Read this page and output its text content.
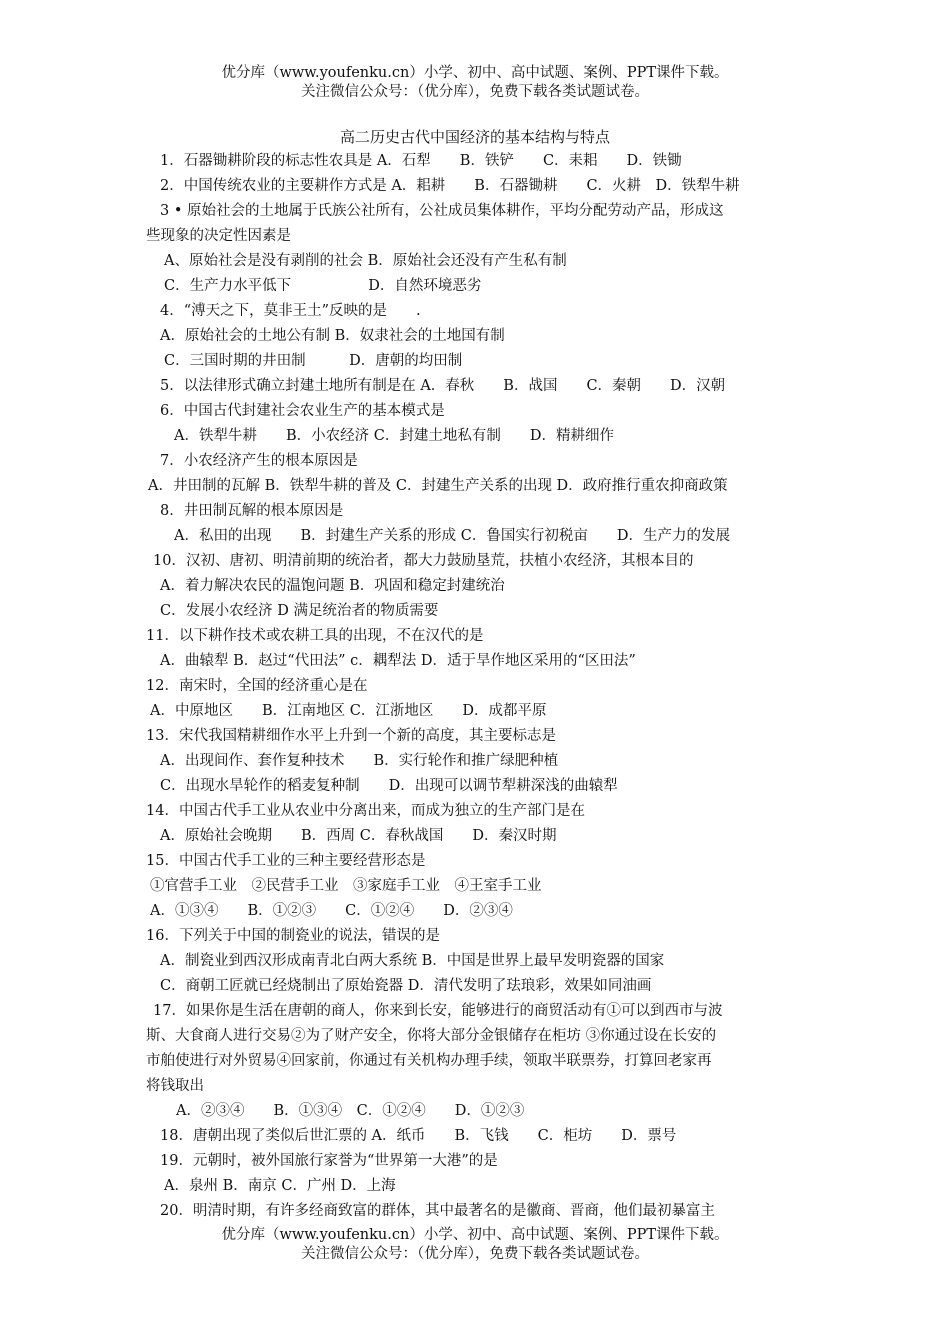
优分库（www.youfenku.cn）小学、初中、高中试题、案例、PPT课件下载。
关注微信公众号：（优分库），免费下载各类试题试卷。
高二历史古代中国经济的基本结构与特点
1．石器锄耕阶段的标志性农具是 A．石犁　　B．铁铲　　C．耒耜　　D．铁锄
2．中国传统农业的主要耕作方式是 A．耜耕　　B．石器锄耕　　C．火耕　D．铁犁牛耕
3 • 原始社会的土地属于氏族公社所有，公社成员集体耕作，平均分配劳动产品，形成这
些现象的决定性因素是
A、原始社会是没有剥削的社会 B．原始社会还没有产生私有制
C．生产力水平低下　　　　　 D．自然环境恶劣
4．“溥天之下，莫非王土”反映的是　　.
A．原始社会的土地公有制 B．奴隶社会的土地国有制
C．三国时期的井田制　　　D．唐朝的均田制
5．以法律形式确立封建土地所有制是在 A．春秋　　B．战国　　C．秦朝　　D．汉朝
6．中国古代封建社会农业生产的基本模式是
A．铁犁牛耕　　B．小农经济 C．封建土地私有制　　D．精耕细作
7．小农经济产生的根本原因是
A．井田制的瓦解 B．铁犁牛耕的普及 C．封建生产关系的出现 D．政府推行重农抑商政策
8．井田制瓦解的根本原因是
A．私田的出现　　B．封建生产关系的形成 C．鲁国实行初税亩　　D．生产力的发展
10．汉初、唐初、明清前期的统治者，都大力鼓励垦荒，扶植小农经济，其根本目的
A．着力解决农民的温饱问题 B．巩固和稳定封建统治
C．发展小农经济 D 满足统治者的物质需要
11．以下耕作技术或农耕工具的出现，不在汉代的是
A．曲辕犁 B．赵过“代田法” c．耦犁法 D．适于旱作地区采用的“区田法”
12．南宋时，全国的经济重心是在
A．中原地区　　B．江南地区 C．江浙地区　　D．成都平原
13．宋代我国精耕细作水平上升到一个新的高度，其主要标志是
A．出现间作、套作复种技术　　B．实行轮作和推广绿肥种植
C．出现水旱轮作的稻麦复种制　　D．出现可以调节犁耕深浅的曲辕犁
14．中国古代手工业从农业中分离出来，而成为独立的生产部门是在
A．原始社会晚期　　B．西周 C．春秋战国　　D．秦汉时期
15．中国古代手工业的三种主要经营形态是
①官营手工业　②民营手工业　③家庭手工业　④王室手工业
A．①③④　　B．①②③　　C．①②④　　D．②③④
16．下列关于中国的制瓷业的说法，错误的是
A．制瓷业到西汉形成南青北白两大系统 B．中国是世界上最早发明瓷器的国家
C．商朝工匠就已经烧制出了原始瓷器 D．清代发明了珐琅彩，效果如同油画
17．如果你是生活在唐朝的商人，你来到长安，能够进行的商贸活动有①可以到西市与波
斯、大食商人进行交易②为了财产安全，你将大部分金银储存在柜坊 ③你通过设在长安的
市舶使进行对外贸易④回家前，你通过有关机构办理手续，领取半联票券，打算回老家再
将钱取出
A．②③④　　B．①③④　C．①②④　　D．①②③
18．唐朝出现了类似后世汇票的 A．纸币　　B．飞钱　　C．柜坊　　D．票号
19．元朝时，被外国旅行家誉为“世界第一大港”的是
A．泉州 B．南京 C．广州 D．上海
20．明清时期，有许多经商致富的群体，其中最著名的是徽商、晋商，他们最初暴富主
优分库（www.youfenku.cn）小学、初中、高中试题、案例、PPT课件下载。
关注微信公众号：（优分库），免费下载各类试题试卷。
